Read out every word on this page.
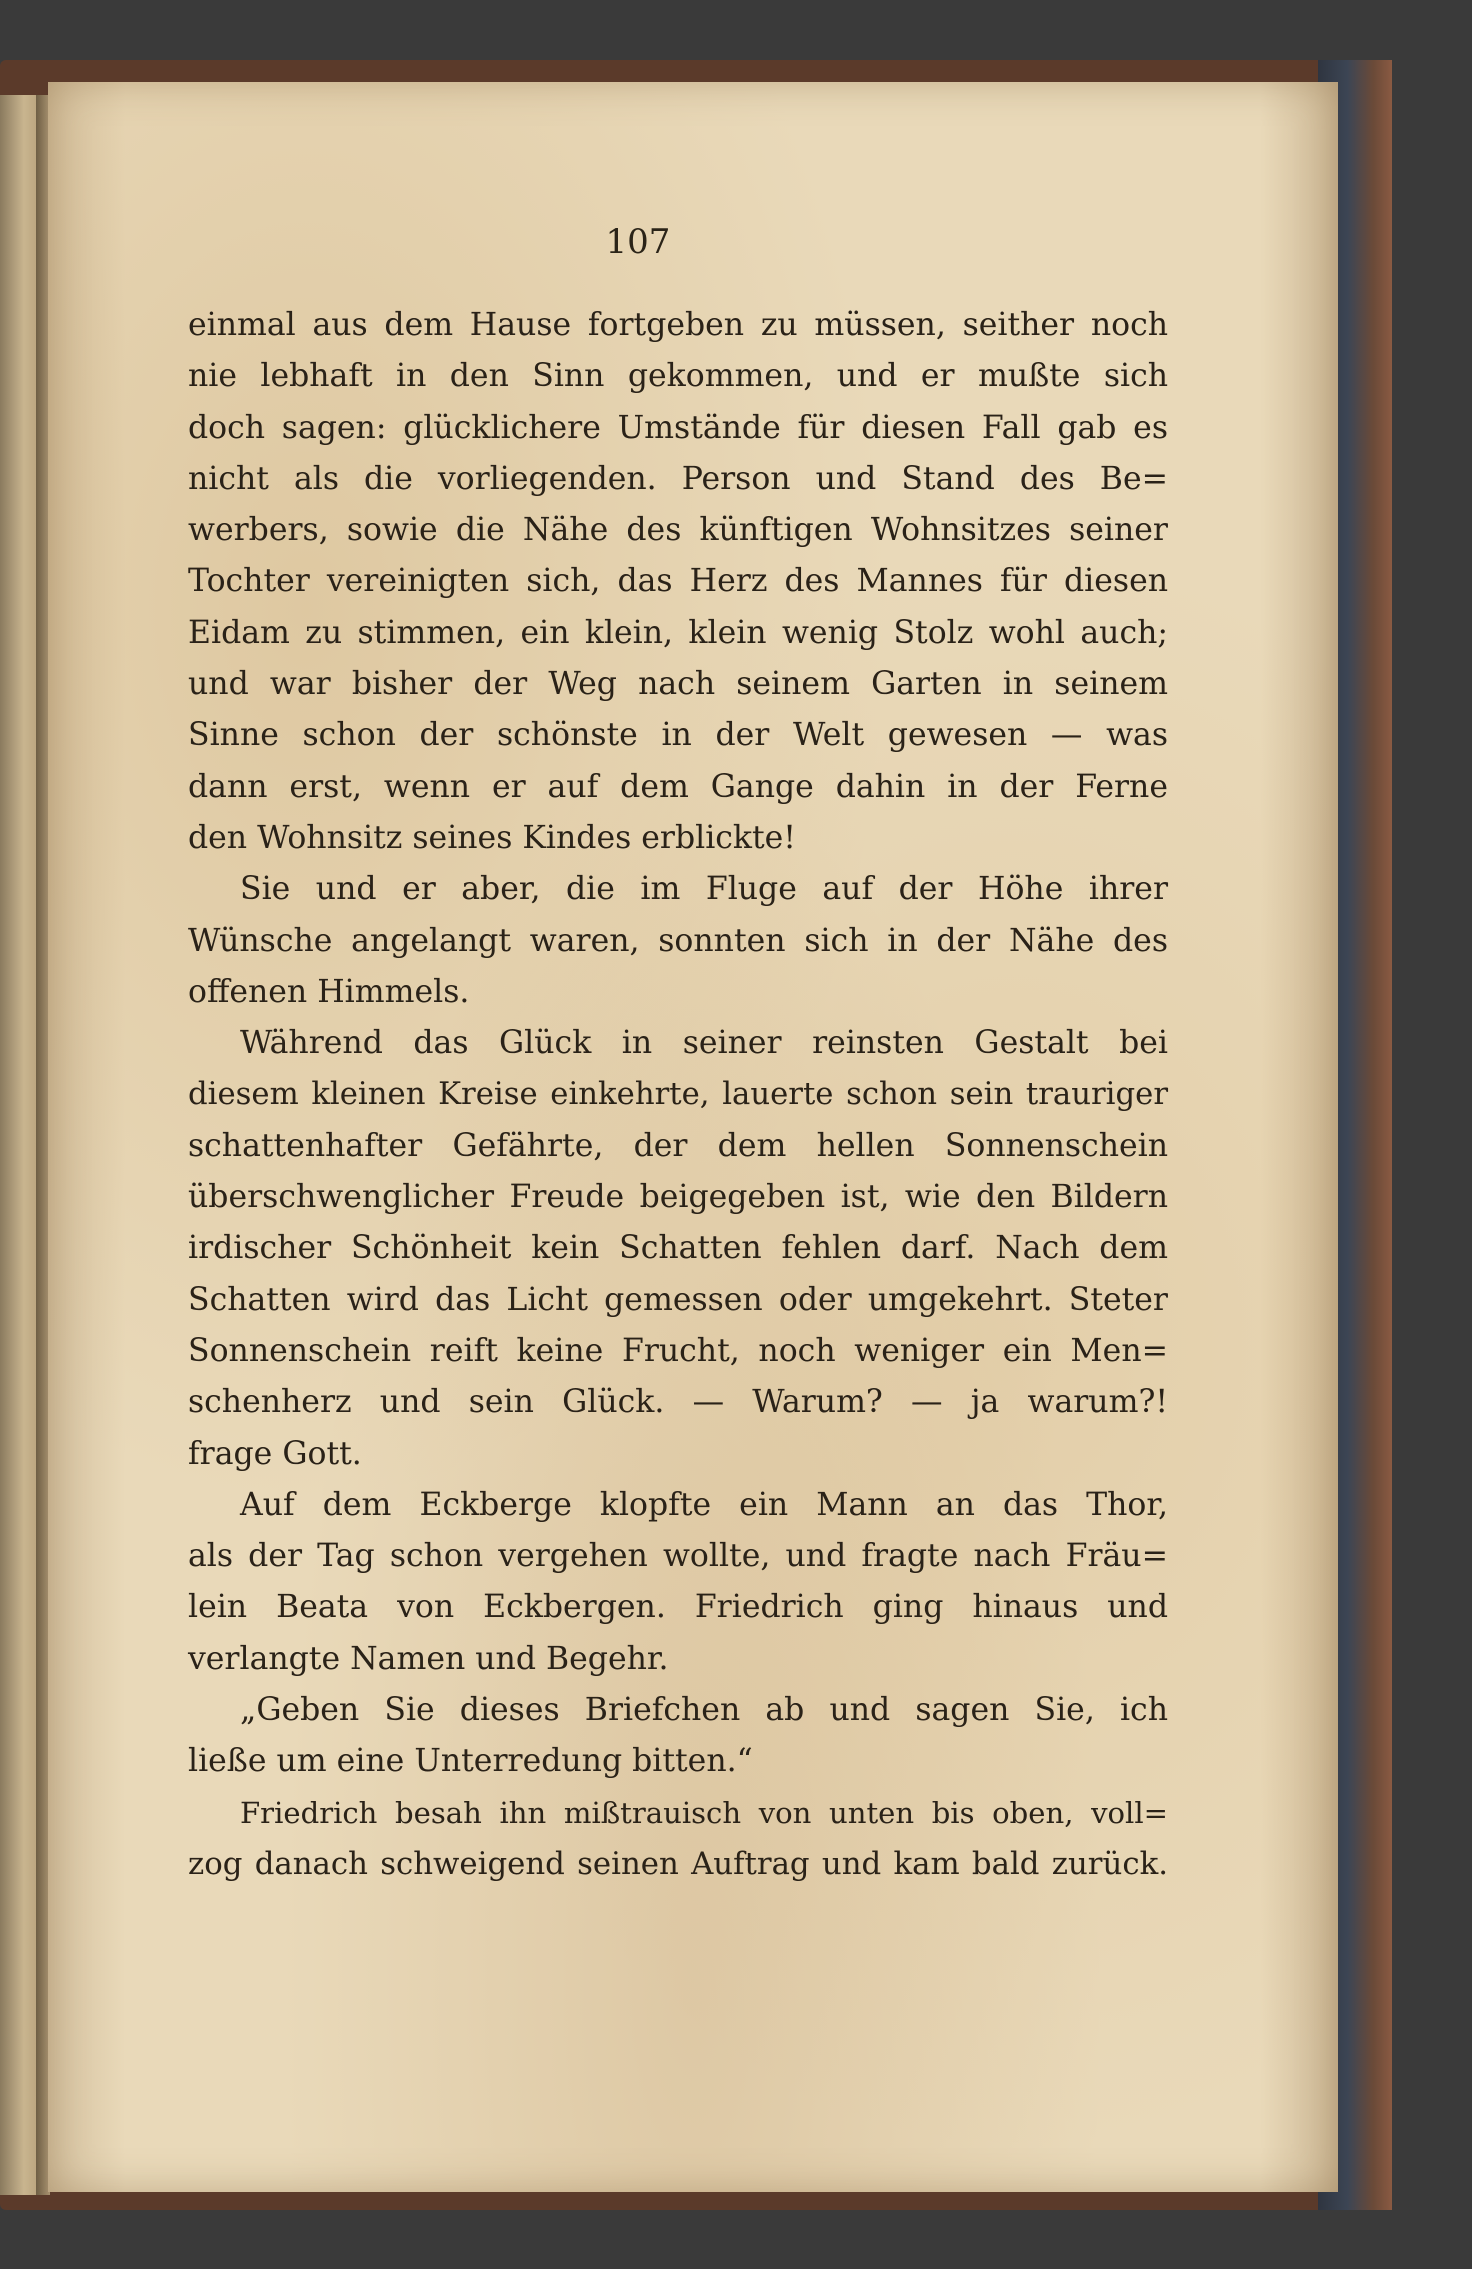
107
einmal aus dem Hause fortgeben zu müssen, seither noch
nie lebhaft in den Sinn gekommen, und er mußte sich
doch sagen: glücklichere Umstände für diesen Fall gab es
nicht als die vorliegenden. Person und Stand des Be=
werbers, sowie die Nähe des künftigen Wohnsitzes seiner
Tochter vereinigten sich, das Herz des Mannes für diesen
Eidam zu stimmen, ein klein, klein wenig Stolz wohl auch;
und war bisher der Weg nach seinem Garten in seinem
Sinne schon der schönste in der Welt gewesen — was
dann erst, wenn er auf dem Gange dahin in der Ferne
den Wohnsitz seines Kindes erblickte!
Sie und er aber, die im Fluge auf der Höhe ihrer
Wünsche angelangt waren, sonnten sich in der Nähe des
offenen Himmels.
Während das Glück in seiner reinsten Gestalt bei
diesem kleinen Kreise einkehrte, lauerte schon sein trauriger
schattenhafter Gefährte, der dem hellen Sonnenschein
überschwenglicher Freude beigegeben ist, wie den Bildern
irdischer Schönheit kein Schatten fehlen darf. Nach dem
Schatten wird das Licht gemessen oder umgekehrt. Steter
Sonnenschein reift keine Frucht, noch weniger ein Men=
schenherz und sein Glück. — Warum? — ja warum?!
frage Gott.
Auf dem Eckberge klopfte ein Mann an das Thor,
als der Tag schon vergehen wollte, und fragte nach Fräu=
lein Beata von Eckbergen. Friedrich ging hinaus und
verlangte Namen und Begehr.
„Geben Sie dieses Briefchen ab und sagen Sie, ich
ließe um eine Unterredung bitten.“
Friedrich besah ihn mißtrauisch von unten bis oben, voll=
zog danach schweigend seinen Auftrag und kam bald zurück.
